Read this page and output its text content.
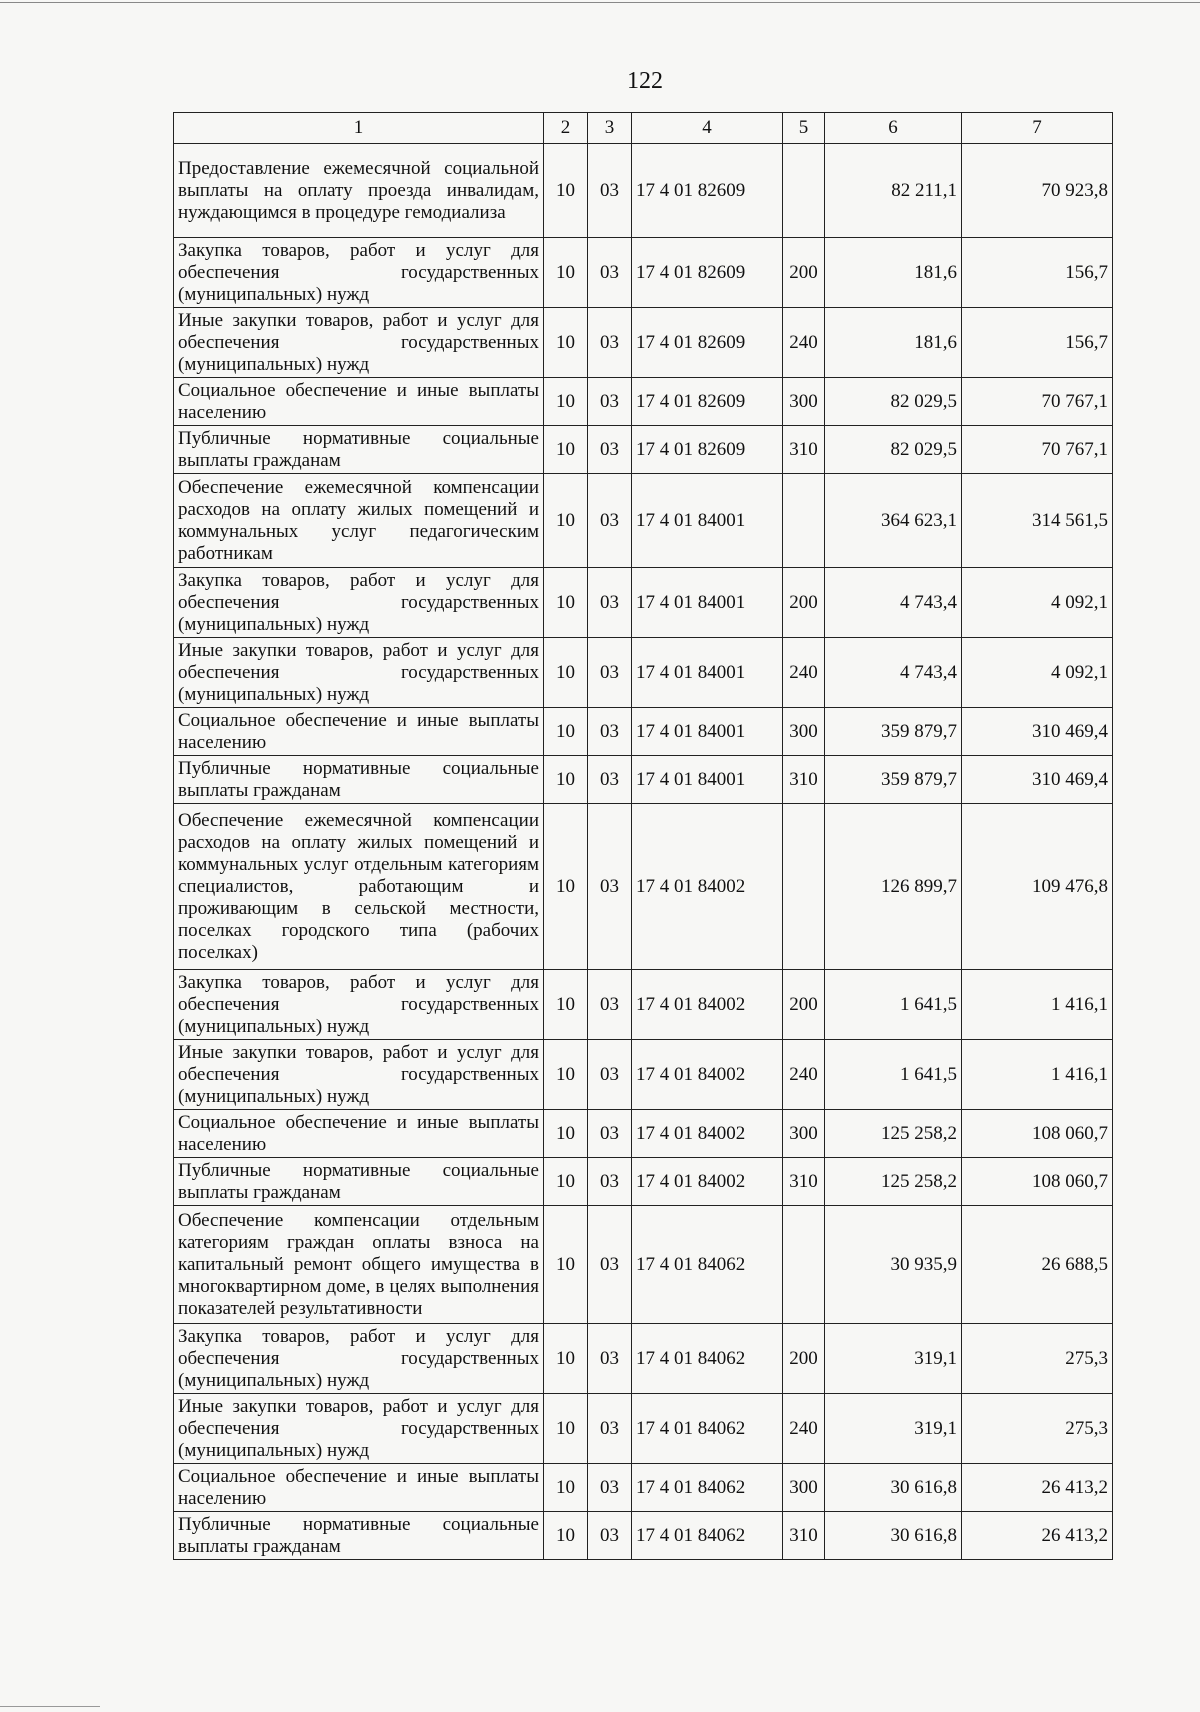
122
1	2	3	4	5	6	7
Предоставление ежемесячной социальной выплаты на оплату проезда инвалидам, нуждающимся в процедуре гемодиализа	10	03	17 4 01 82609		82 211,1	70 923,8
Закупка товаров, работ и услуг для обеспечения государственных (муниципальных) нужд	10	03	17 4 01 82609	200	181,6	156,7
Иные закупки товаров, работ и услуг для обеспечения государственных (муниципальных) нужд	10	03	17 4 01 82609	240	181,6	156,7
Социальное обеспечение и иные выплаты населению	10	03	17 4 01 82609	300	82 029,5	70 767,1
Публичные нормативные социальные выплаты гражданам	10	03	17 4 01 82609	310	82 029,5	70 767,1
Обеспечение ежемесячной компенсации расходов на оплату жилых помещений и коммунальных услуг педагогическим работникам	10	03	17 4 01 84001		364 623,1	314 561,5
Закупка товаров, работ и услуг для обеспечения государственных (муниципальных) нужд	10	03	17 4 01 84001	200	4 743,4	4 092,1
Иные закупки товаров, работ и услуг для обеспечения государственных (муниципальных) нужд	10	03	17 4 01 84001	240	4 743,4	4 092,1
Социальное обеспечение и иные выплаты населению	10	03	17 4 01 84001	300	359 879,7	310 469,4
Публичные нормативные социальные выплаты гражданам	10	03	17 4 01 84001	310	359 879,7	310 469,4
Обеспечение ежемесячной компенсации расходов на оплату жилых помещений и коммунальных услуг отдельным категориям специалистов, работающим и проживающим в сельской местности, поселках городского типа (рабочих поселках)	10	03	17 4 01 84002		126 899,7	109 476,8
Закупка товаров, работ и услуг для обеспечения государственных (муниципальных) нужд	10	03	17 4 01 84002	200	1 641,5	1 416,1
Иные закупки товаров, работ и услуг для обеспечения государственных (муниципальных) нужд	10	03	17 4 01 84002	240	1 641,5	1 416,1
Социальное обеспечение и иные выплаты населению	10	03	17 4 01 84002	300	125 258,2	108 060,7
Публичные нормативные социальные выплаты гражданам	10	03	17 4 01 84002	310	125 258,2	108 060,7
Обеспечение компенсации отдельным категориям граждан оплаты взноса на капитальный ремонт общего имущества в многоквартирном доме, в целях выполнения показателей результативности	10	03	17 4 01 84062		30 935,9	26 688,5
Закупка товаров, работ и услуг для обеспечения государственных (муниципальных) нужд	10	03	17 4 01 84062	200	319,1	275,3
Иные закупки товаров, работ и услуг для обеспечения государственных (муниципальных) нужд	10	03	17 4 01 84062	240	319,1	275,3
Социальное обеспечение и иные выплаты населению	10	03	17 4 01 84062	300	30 616,8	26 413,2
Публичные нормативные социальные выплаты гражданам	10	03	17 4 01 84062	310	30 616,8	26 413,2
